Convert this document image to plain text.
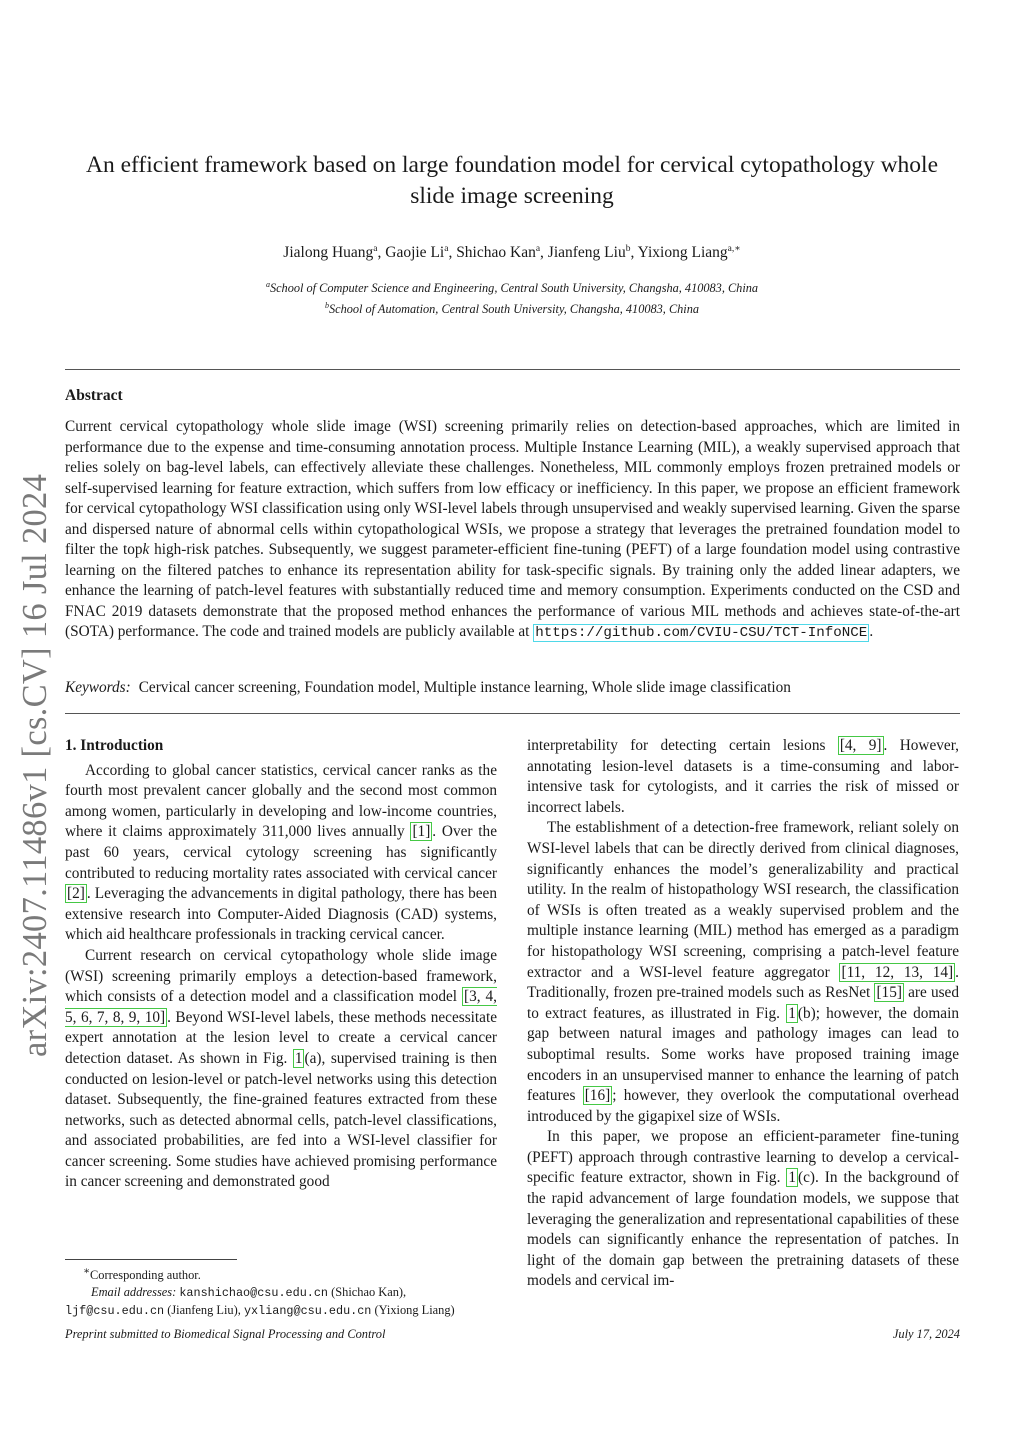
arXiv:2407.11486v1 [cs.CV] 16 Jul 2024
An efficient framework based on large foundation model for cervical cytopathology whole
slide image screening
Jialong Huang$^a$, Gaojie Li$^a$, Shichao Kan$^a$, Jianfeng Liu$^b$, Yixiong Liang$^{a,∗}$
$^a$School of Computer Science and Engineering, Central South University, Changsha, 410083, China
$^b$School of Automation, Central South University, Changsha, 410083, China
Abstract
Current cervical cytopathology whole slide image (WSI) screening primarily relies on detection-based approaches, which are limited in performance due to the expense and time-consuming annotation process. Multiple Instance Learning (MIL), a weakly supervised approach that relies solely on bag-level labels, can effectively alleviate these challenges. Nonetheless, MIL commonly employs frozen pretrained models or self-supervised learning for feature extraction, which suffers from low efficacy or inefficiency. In this paper, we propose an efficient framework for cervical cytopathology WSI classification using only WSI-level labels through unsupervised and weakly supervised learning. Given the sparse and dispersed nature of abnormal cells within cytopathological WSIs, we propose a strategy that leverages the pretrained foundation model to filter the topk high-risk patches. Subsequently, we suggest parameter-efficient fine-tuning (PEFT) of a large foundation model using contrastive learning on the filtered patches to enhance its representation ability for task-specific signals. By training only the added linear adapters, we enhance the learning of patch-level features with substantially reduced time and memory consumption. Experiments conducted on the CSD and FNAC 2019 datasets demonstrate that the proposed method enhances the performance of various MIL methods and achieves state-of-the-art (SOTA) performance. The code and trained models are publicly available at https://github.com/CVIU-CSU/TCT-InfoNCE .
Keywords: Cervical cancer screening, Foundation model, Multiple instance learning, Whole slide image classification
1. Introduction

According to global cancer statistics, cervical cancer ranks as the fourth most prevalent cancer globally and the second most common among women, particularly in developing and low-income countries, where it claims approximately 311,000 lives annually [1] . Over the past 60 years, cervical cytology screening has significantly contributed to reducing mortality rates associated with cervical cancer [2] . Leveraging the advancements in digital pathology, there has been extensive research into Computer-Aided Diagnosis (CAD) systems, which aid healthcare professionals in tracking cervical cancer.

Current research on cervical cytopathology whole slide image (WSI) screening primarily employs a detection-based framework, which consists of a detection model and a classification model [3, 4, 5, 6, 7, 8, 9, 10] . Beyond WSI-level labels, these methods necessitate expert annotation at the lesion level to create a cervical cancer detection dataset. As shown in Fig. 1 (a), supervised training is then conducted on lesion-level or patch-level networks using this detection dataset. Subsequently, the fine-grained features extracted from these networks, such as detected abnormal cells, patch-level classifications, and associated probabilities, are fed into a WSI-level classifier for cancer screening. Some studies have achieved promising performance in cancer screening and demonstrated good

interpretability for detecting certain lesions [4, 9] . However, annotating lesion-level datasets is a time-consuming and labor-intensive task for cytologists, and it carries the risk of missed or incorrect labels.

The establishment of a detection-free framework, reliant solely on WSI-level labels that can be directly derived from clinical diagnoses, significantly enhances the model’s generalizability and practical utility. In the realm of histopathology WSI research, the classification of WSIs is often treated as a weakly supervised problem and the multiple instance learning (MIL) method has emerged as a paradigm for histopathology WSI screening, comprising a patch-level feature extractor and a WSI-level feature aggregator [11, 12, 13, 14] . Traditionally, frozen pre-trained models such as ResNet [15] are used to extract features, as illustrated in Fig. 1 (b); however, the domain gap between natural images and pathology images can lead to suboptimal results. Some works have proposed training image encoders in an unsupervised manner to enhance the learning of patch features [16] ; however, they overlook the computational overhead introduced by the gigapixel size of WSIs.

In this paper, we propose an efficient-parameter fine-tuning (PEFT) approach through contrastive learning to develop a cervical-specific feature extractor, shown in Fig. 1 (c). In the background of the rapid advancement of large foundation models, we suppose that leveraging the generalization and representational capabilities of these models can significantly enhance the representation of patches. In light of the domain gap between the pretraining datasets of these models and cervical im-

∗Corresponding author.
Email addresses: kanshichao@csu.edu.cn (Shichao Kan),
ljf@csu.edu.cn (Jianfeng Liu), yxliang@csu.edu.cn (Yixiong Liang)
Preprint submitted to Biomedical Signal Processing and Control	July 17, 2024
